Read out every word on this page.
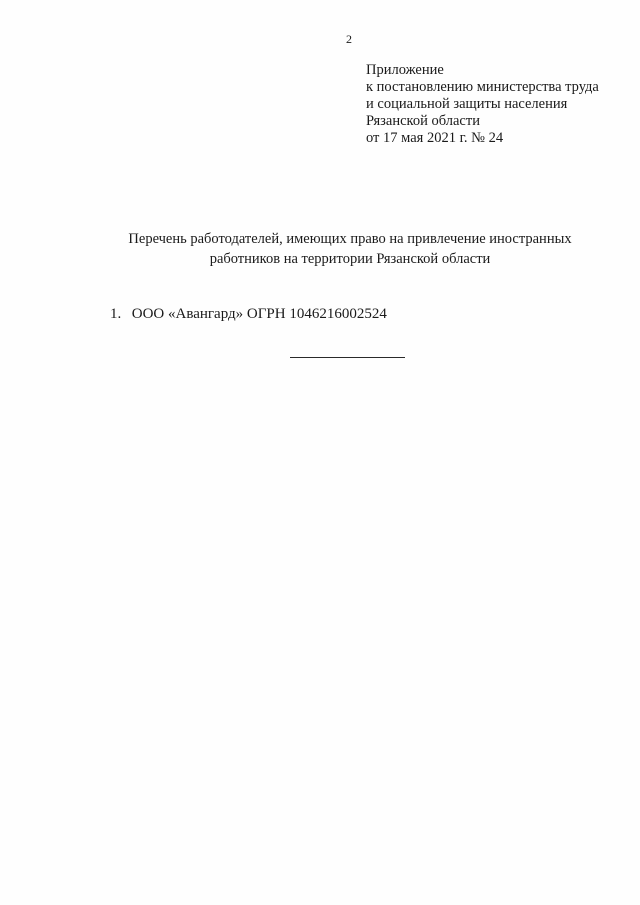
2
Приложение
к постановлению министерства труда
и социальной защиты населения
Рязанской области
от 17 мая 2021 г. № 24
Перечень работодателей, имеющих право на привлечение иностранных
работников на территории Рязанской области
1. ООО «Авангард» ОГРН 1046216002524
